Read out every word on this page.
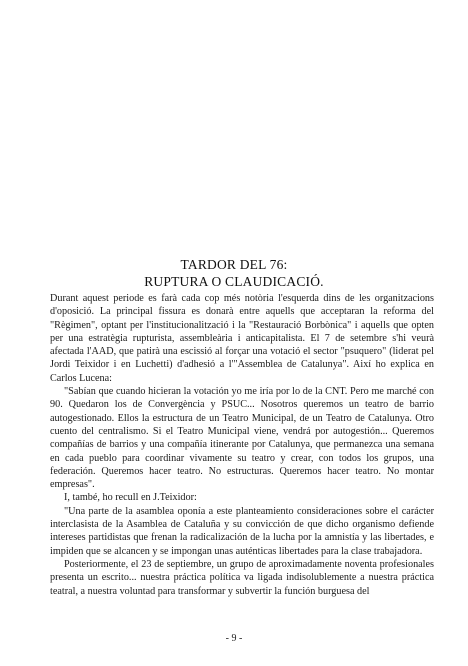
TARDOR DEL 76:
RUPTURA O CLAUDICACIÓ.

Durant aquest periode es farà cada cop més notòria l'esquerda dins de les organitzacions d'oposició. La principal fissura es donarà entre aquells que acceptaran la reforma del "Règimen", optant per l'institucionalització i la "Restauració Borbònica" i aquells que opten per una estratègia rupturista, assembleària i anticapitalista. El 7 de setembre s'hi veurà afectada l'AAD, que patirà una escissió al forçar una votació el sector "psuquero" (liderat pel Jordi Teixidor i en Luchetti) d'adhesió a l'"Assemblea de Catalunya". Així ho explica en Carlos Lucena:

"Sabían que cuando hicieran la votación yo me iría por lo de la CNT. Pero me marché con 90. Quedaron los de Convergència y PSUC... Nosotros queremos un teatro de barrio autogestionado. Ellos la estructura de un Teatro Municipal, de un Teatro de Catalunya. Otro cuento del centralismo. Si el Teatro Municipal viene, vendrá por autogestión... Queremos compañías de barrios y una compañía itinerante por Catalunya, que permanezca una semana en cada pueblo para coordinar vivamente su teatro y crear, con todos los grupos, una federación. Queremos hacer teatro. No estructuras. Queremos hacer teatro. No montar empresas".

I, també, ho recull en J.Teixidor:

"Una parte de la asamblea oponía a este planteamiento consideraciones sobre el carácter interclasista de la Asamblea de Cataluña y su convicción de que dicho organismo defiende intereses partidistas que frenan la radicalización de la lucha por la amnistía y las libertades, e impiden que se alcancen y se impongan unas auténticas libertades para la clase trabajadora.

Posteriormente, el 23 de septiembre, un grupo de aproximadamente noventa profesionales presenta un escrito... nuestra práctica política va ligada indisolublemente a nuestra práctica teatral, a nuestra voluntad para transformar y subvertir la función burguesa del

- 9 -
